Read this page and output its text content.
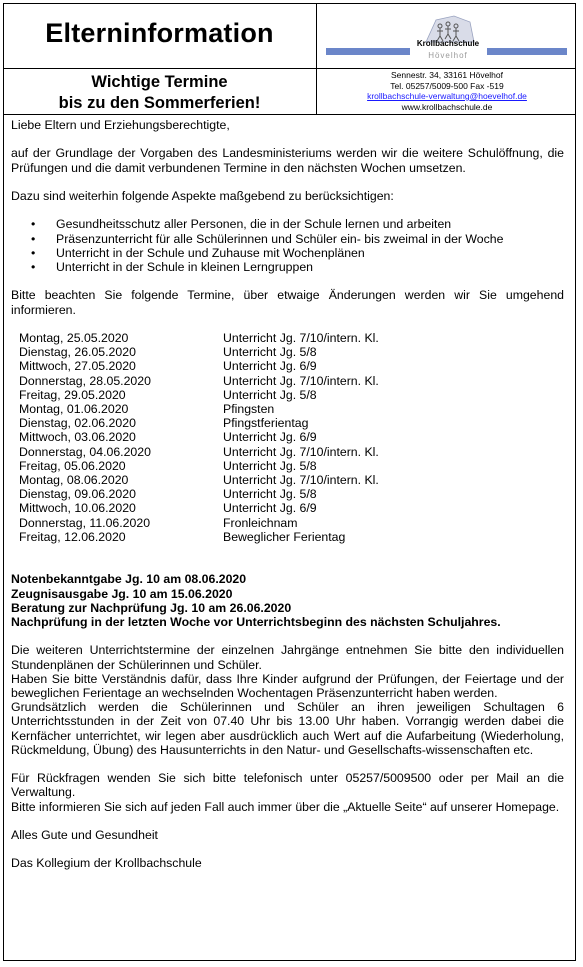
Elterninformation	Krollbachschule
Hövelhof
Wichtige Termine
bis zu den Sommerferien!
Sennestr. 34, 33161 Hövelhof
Tel. 05257/5009-500 Fax -519
krollbachschule-verwaltung@hoevelhof.de
www.krollbachschule.de

Liebe Eltern und Erziehungsberechtigte,

auf der Grundlage der Vorgaben des Landesministeriums werden wir die weitere Schulöffnung, die Prüfungen und die damit verbundenen Termine in den nächsten Wochen umsetzen.

Dazu sind weiterhin folgende Aspekte maßgebend zu berücksichtigen:

• Gesundheitsschutz aller Personen, die in der Schule lernen und arbeiten
• Präsenzunterricht für alle Schülerinnen und Schüler ein- bis zweimal in der Woche
• Unterricht in der Schule und Zuhause mit Wochenplänen
• Unterricht in der Schule in kleinen Lerngruppen

Bitte beachten Sie folgende Termine, über etwaige Änderungen werden wir Sie umgehend informieren.

Montag, 25.05.2020	Unterricht Jg. 7/10/intern. Kl.
Dienstag, 26.05.2020	Unterricht Jg. 5/8
Mittwoch, 27.05.2020	Unterricht Jg. 6/9
Donnerstag, 28.05.2020	Unterricht Jg. 7/10/intern. Kl.
Freitag, 29.05.2020	Unterricht Jg. 5/8
Montag, 01.06.2020	Pfingsten
Dienstag, 02.06.2020	Pfingstferientag
Mittwoch, 03.06.2020	Unterricht Jg. 6/9
Donnerstag, 04.06.2020	Unterricht Jg. 7/10/intern. Kl.
Freitag, 05.06.2020	Unterricht Jg. 5/8
Montag, 08.06.2020	Unterricht Jg. 7/10/intern. Kl.
Dienstag, 09.06.2020	Unterricht Jg. 5/8
Mittwoch, 10.06.2020	Unterricht Jg. 6/9
Donnerstag, 11.06.2020	Fronleichnam
Freitag, 12.06.2020	Beweglicher Ferientag

Notenbekanntgabe Jg. 10 am 08.06.2020

Zeugnisausgabe Jg. 10 am 15.06.2020

Beratung zur Nachprüfung Jg. 10 am 26.06.2020

Nachprüfung in der letzten Woche vor Unterrichtsbeginn des nächsten Schuljahres.

Die weiteren Unterrichtstermine der einzelnen Jahrgänge entnehmen Sie bitte den individuellen Stundenplänen der Schülerinnen und Schüler.

Haben Sie bitte Verständnis dafür, dass Ihre Kinder aufgrund der Prüfungen, der Feiertage und der beweglichen Ferientage an wechselnden Wochentagen Präsenzunterricht haben werden.

Grundsätzlich werden die Schülerinnen und Schüler an ihren jeweiligen Schultagen 6 Unterrichtsstunden in der Zeit von 07.40 Uhr bis 13.00 Uhr haben. Vorrangig werden dabei die Kernfächer unterrichtet, wir legen aber ausdrücklich auch Wert auf die Aufarbeitung (Wiederholung, Rückmeldung, Übung) des Hausunterrichts in den Natur- und Gesellschafts-wissenschaften etc.

Für Rückfragen wenden Sie sich bitte telefonisch unter 05257/5009500 oder per Mail an die Verwaltung.

Bitte informieren Sie sich auf jeden Fall auch immer über die „Aktuelle Seite“ auf unserer Homepage.

Alles Gute und Gesundheit

Das Kollegium der Krollbachschule
